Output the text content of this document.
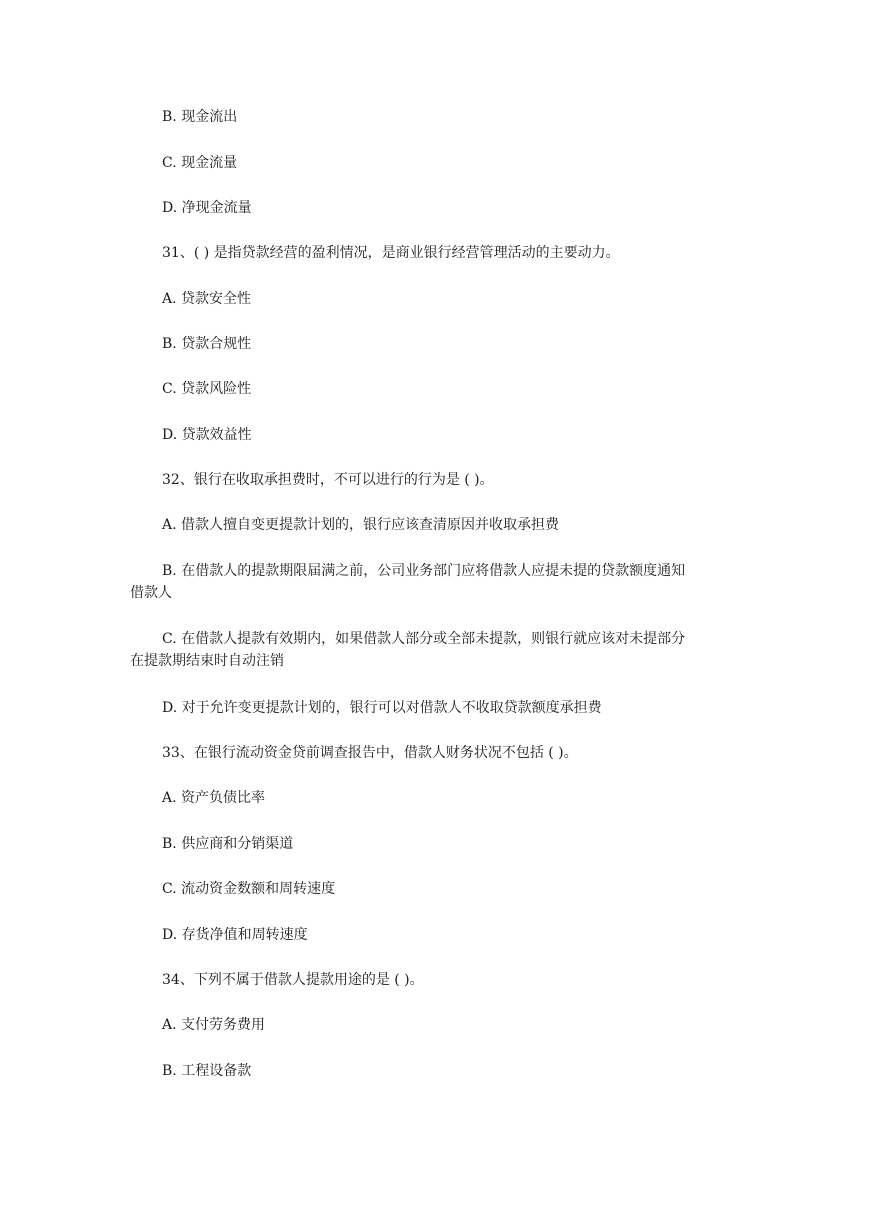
B. 现金流出
C. 现金流量
D. 净现金流量
31、( ) 是指贷款经营的盈利情况，是商业银行经营管理活动的主要动力。
A. 贷款安全性
B. 贷款合规性
C. 贷款风险性
D. 贷款效益性
32、银行在收取承担费时，不可以进行的行为是 ( )。
A. 借款人擅自变更提款计划的，银行应该查清原因并收取承担费
B. 在借款人的提款期限届满之前，公司业务部门应将借款人应提未提的贷款额度通知
借款人
C. 在借款人提款有效期内，如果借款人部分或全部未提款，则银行就应该对未提部分
在提款期结束时自动注销
D. 对于允许变更提款计划的，银行可以对借款人不收取贷款额度承担费
33、在银行流动资金贷前调查报告中，借款人财务状况不包括 ( )。
A. 资产负债比率
B. 供应商和分销渠道
C. 流动资金数额和周转速度
D. 存货净值和周转速度
34、下列不属于借款人提款用途的是 ( )。
A. 支付劳务费用
B. 工程设备款
